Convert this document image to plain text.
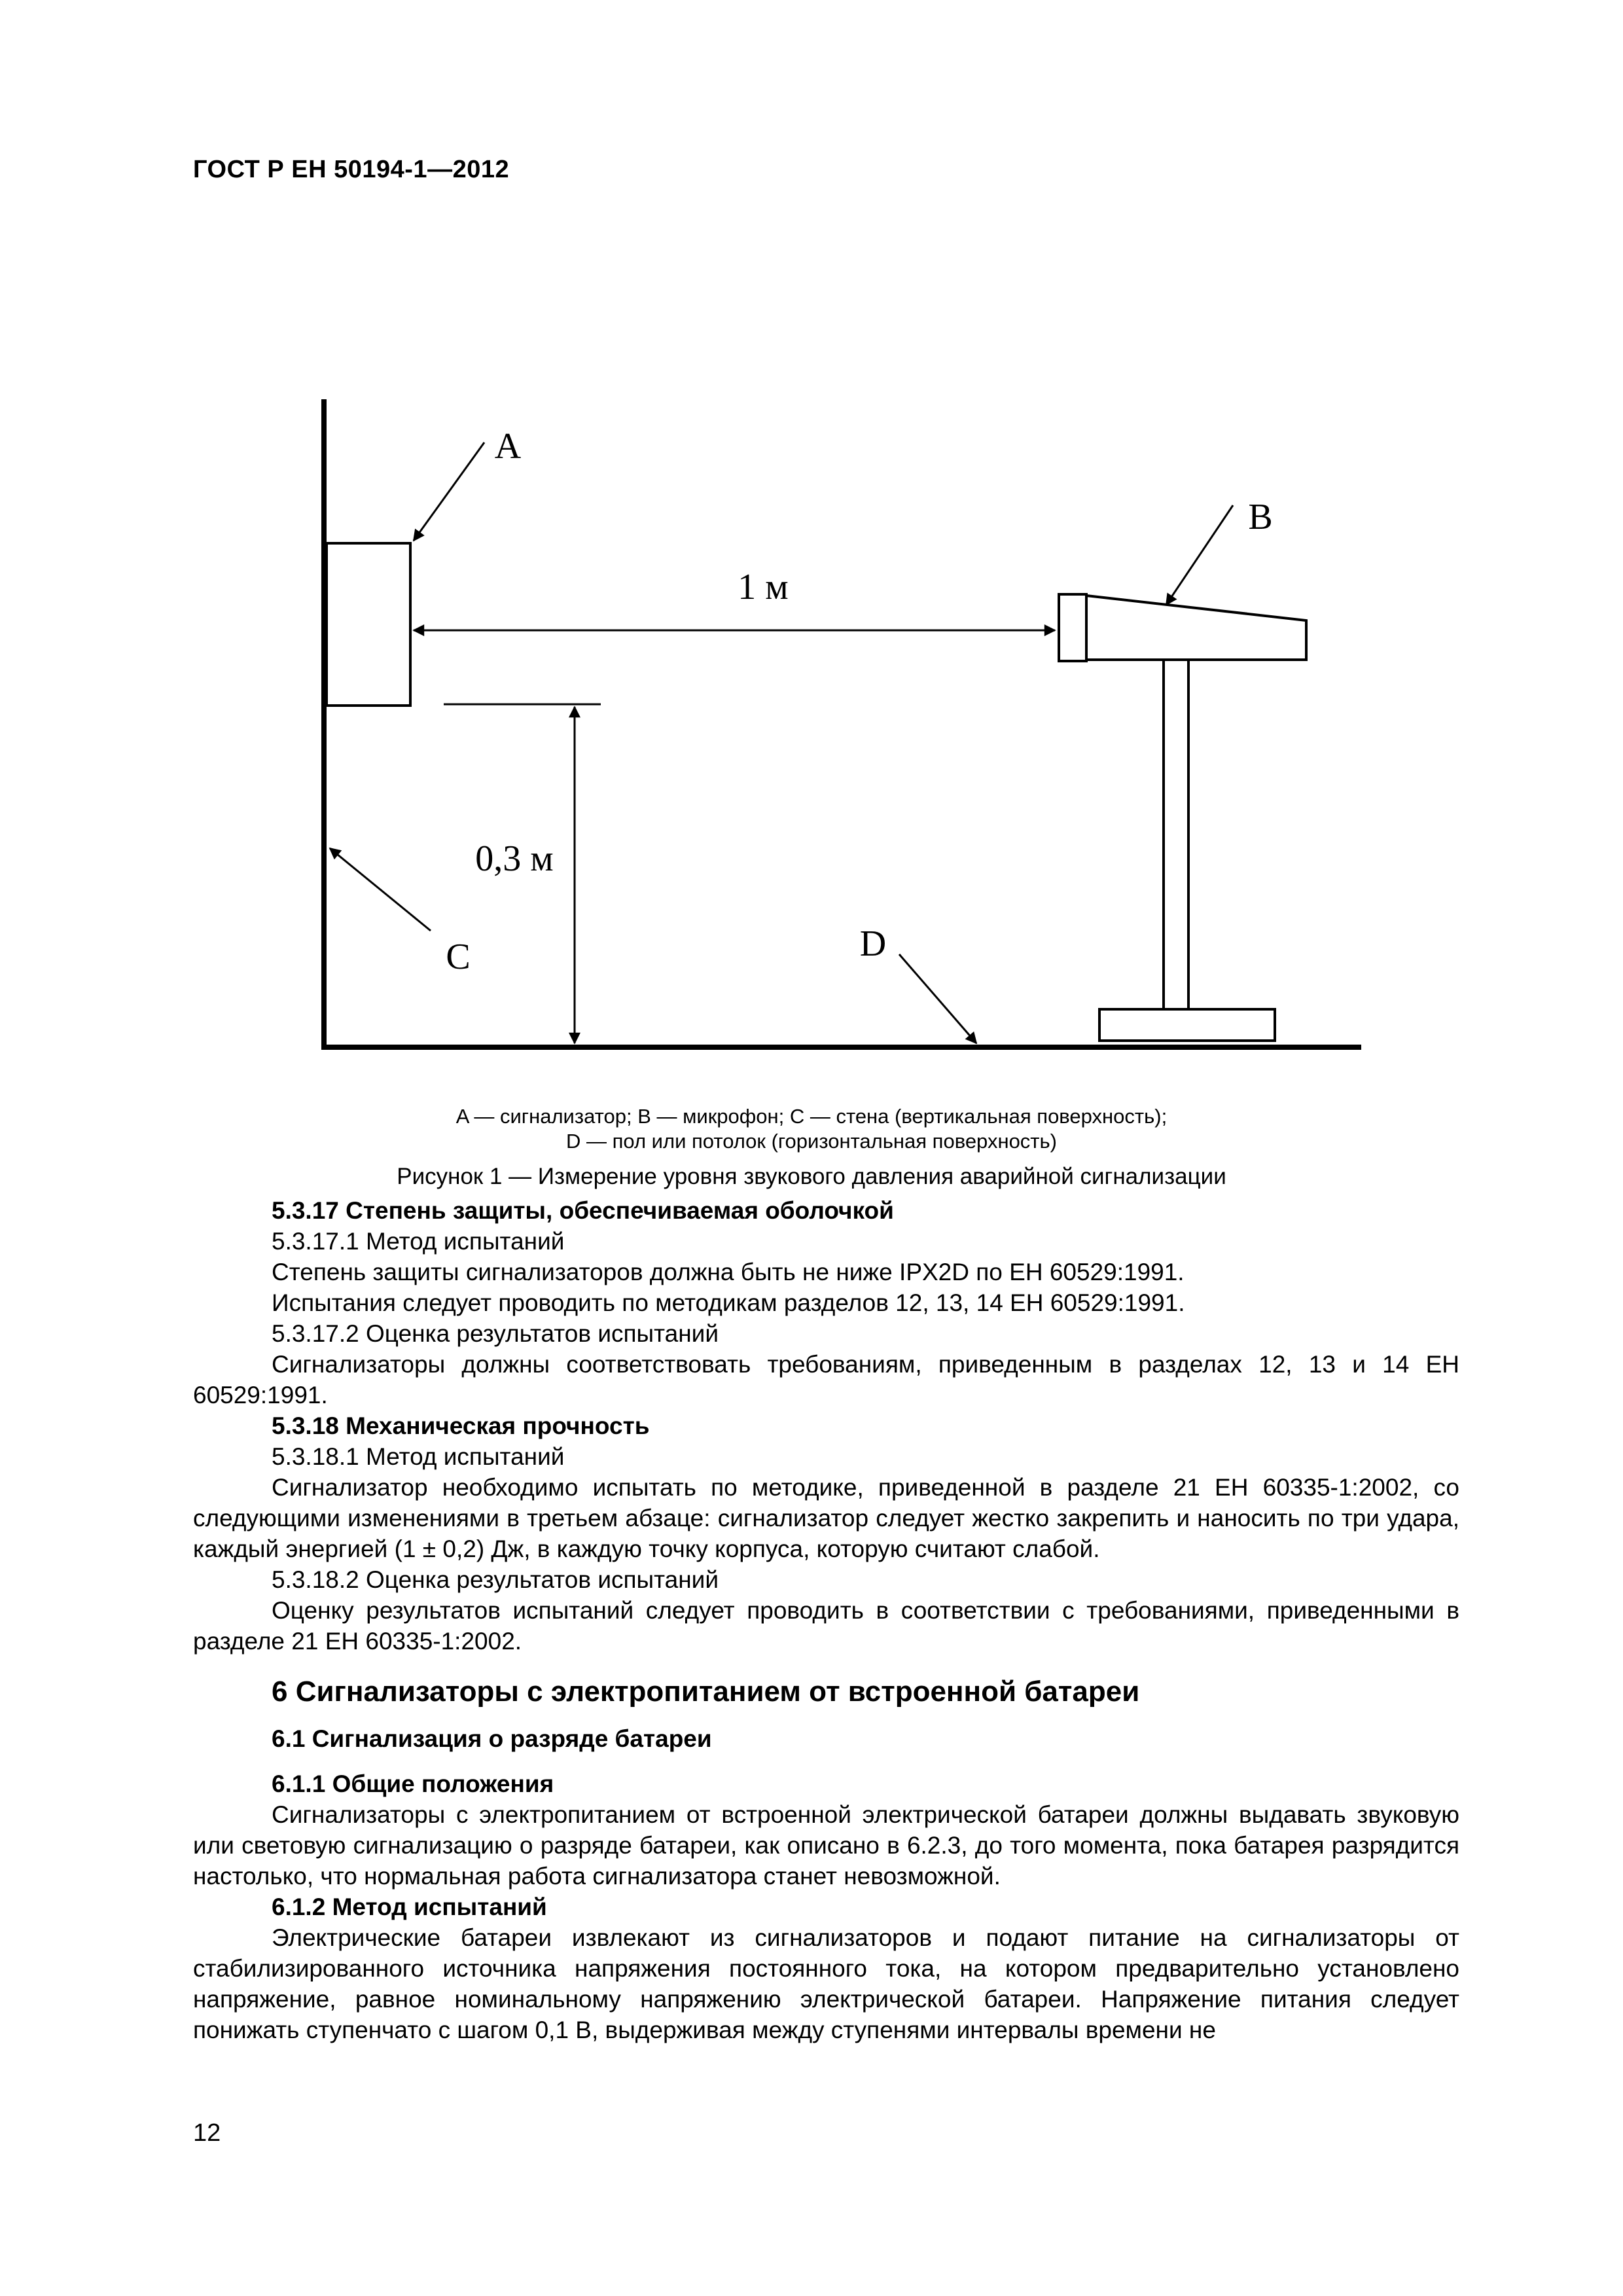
ГОСТ Р ЕН 50194-1—2012
1 м
0,3 м
A
B
C	D
A — сигнализатор; B — микрофон; C — стена (вертикальная поверхность);
D — пол или потолок (горизонтальная поверхность)
Рисунок 1 — Измерение уровня звукового давления аварийной сигнализации

5.3.17 Степень защиты, обеспечиваемая оболочкой

5.3.17.1 Метод испытаний

Степень защиты сигнализаторов должна быть не ниже IPX2D по ЕН 60529:1991.

Испытания следует проводить по методикам разделов 12, 13, 14 ЕН 60529:1991.

5.3.17.2 Оценка результатов испытаний

Сигнализаторы должны соответствовать требованиям, приведенным в разделах 12, 13 и 14 ЕН 60529:1991.

5.3.18 Механическая прочность

5.3.18.1 Метод испытаний

Сигнализатор необходимо испытать по методике, приведенной в разделе 21 ЕН 60335-1:2002, со следующими изменениями в третьем абзаце: сигнализатор следует жестко закрепить и наносить по три удара, каждый энергией (1 ± 0,2) Дж, в каждую точку корпуса, которую считают слабой.

5.3.18.2 Оценка результатов испытаний

Оценку результатов испытаний следует проводить в соответствии с требованиями, приведенными в разделе 21 ЕН 60335-1:2002.

6 Сигнализаторы с электропитанием от встроенной батареи

6.1 Сигнализация о разряде батареи

6.1.1 Общие положения

Сигнализаторы с электропитанием от встроенной электрической батареи должны выдавать звуковую или световую сигнализацию о разряде батареи, как описано в 6.2.3, до того момента, пока батарея разрядится настолько, что нормальная работа сигнализатора станет невозможной.

6.1.2 Метод испытаний

Электрические батареи извлекают из сигнализаторов и подают питание на сигнализаторы от стабилизированного источника напряжения постоянного тока, на котором предварительно установлено напряжение, равное номинальному напряжению электрической батареи. Напряжение питания следует понижать ступенчато с шагом 0,1 В, выдерживая между ступенями интервалы времени не

12
